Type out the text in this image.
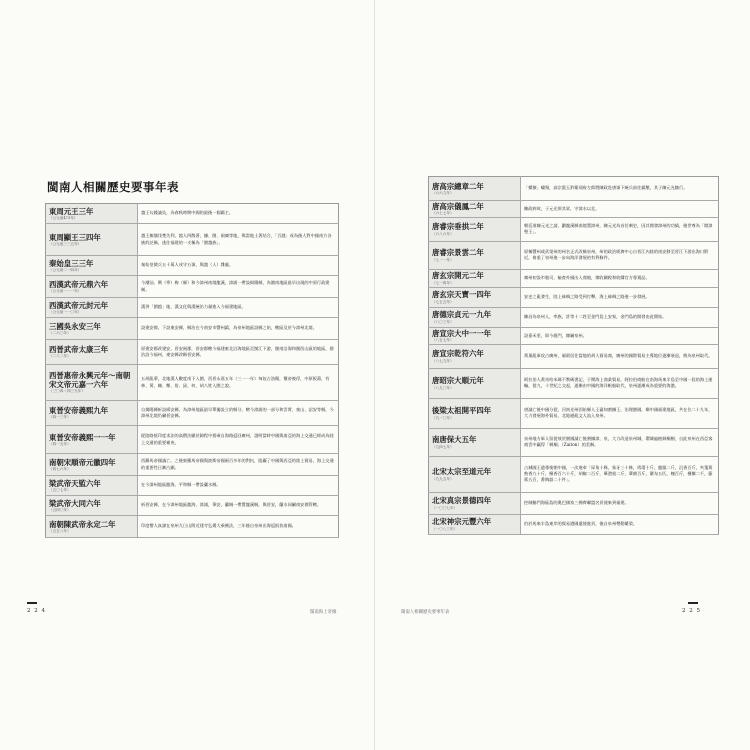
閩南人相關歷史要事年表
東周元王三年
（公元前473年）	越王勾踐滅吳，為春秋時期中國的最後一個霸主。

東周顯王三四年
（公元前三三五年）	越王無彊伐楚失利，越人四散著，據、閩、兩廣等地，與當地土著結合，「百越」成為後人對中國南方各族的泛稱，逃往福建的一支稱為「閩越族」。

秦始皇三三年
（公元前二一四年）	秦始皇徵兵五十萬人戍守五嶺，與越（人）雜處。

西漢武帝元鼎六年
（公元前一一一年）	今潮汕、興（寧）梅（縣）和今漳州南境龍溪，漳浦一帶設揭陽縣，為閩南地區最早出現的中原行政建制。

西漢武帝元封元年
（公元前一一〇年）	漢併「閩越」地，漢文化與漢統治力量進入今福建地區。

三國吳永安三年
（二六〇年）	設建安郡，下設東安縣，縣治在今南安市豐州鎮，為泉州地區設縣之始，轄區及於今漳州北境。

西晉武帝太康三年
（二八二年）	原建安郡改建安，晉安兩郡，晉安郡轄今福建東北沿海地區至閩江下游，閩南沿海和閩西山區的地區，郡治設今福州，東安縣改稱晉安縣。

西晉惠帝永興元年～南朝宋文帝元嘉一六年
（三〇四～四三九年）	五胡亂華，北地漢人數度南下入閩，西晉永嘉五年（三一一年）匈奴占洛陽，懷帝被俘，中原板蕩，有林、黃、陳、鄭、詹、邱、何、胡八姓入閩之說。

東晉安帝義熙九年
（四一三年）	自揭陽縣析設綏安縣，為漳州地區最早單獨設立的縣分，轄今漳浦的一部分和雲霄、東山、詔安等縣，今漳州北境仍屬晉安縣。

東晉安帝義熙一一年
（四一五年）	從陸路抵印度求法的高僧法顯於歸程中搭乘自海路返回廣州，證明當時中國與南亞的海上交通已經成為陸上交通的重要補充。

南朝宋順帝元徽四年
（四七六年）	西羅馬帝國滅亡。之後東羅馬帝國與波斯帝國兩百多年的對抗，阻礙了中國與西亞的陸上貿易，海上交通的重要性日漸凸顯。

梁武帝天監六年
（五〇七年）	在今漳州地區龍海，平和縣一帶設蘭水縣。

梁武帝大同六年
（五四〇年）	析晉安縣，在今漳州地區龍海，漳浦，華安，蘭城一帶置龍溪縣，與晉安，蘭水同屬南安郡管轄。

南朝陳武帝永定二年
（五五八年）	印度僧人真諦在泉州九日山附近建寺弘揚大乘佛法，三年後自泉州出海返抵扶南國。
2 2 4	閩南海上奇緣
唐高宗總章二年
（六六九年）	「蠻獠」嘯聚，高宗派玉鈐衛翊府左郎將陳政赴唐嶺下統兵前往鎮壓，其子陳元光隨行。

唐高宗儀鳳二年
（六七七年）	陳政病故，子元光領其眾，守漳水以北。

唐睿宗垂拱二年
（六八六年）	朝廷准陳元光之請，劃龍溪縣南境置漳州，陳元光為首任刺史，因其開發漳州的功績，後世尊為「開漳聖王」。

唐睿宗景雲二年
（七一一年）	原稱豐州或武榮州的州名正式改稱泉州，州的政治經濟中心自晉江內陸的南安移至晉江下游出海口附近，倚重了泉州進一步向海洋發展的有利條件。

唐玄宗開元二年
（七一四年）	廣州初設市舶司，檢查外國出入商舶，徵收關稅和收購官方專賣品。

唐玄宗天寶一四年
（七五五年）	安史之亂發生，陸上絲綢之路受到打擊，海上絲綢之路進一步發展。

唐德宗貞元一九年
（八〇三年）	陳昌為泉州人，率族，許等十二姓至金門島上安家，金門島的開發由此開始。

唐宣宗大中一一年
（八五七年）	設嘉禾里，即今廈門，隸屬泉州。

唐宣宗乾符六年
（八七九年）	黃巢亂軍攻占廣州，屠殺居住當地的胡人貿易商，廣州的國際貿易主導地位逐漸衰退，換為泉州取代。

唐昭宗大順元年
（八九〇年）	阿拉伯人黃奇哈米瑪不教碼書記，于鬧海上商業貿易，阿拉伯商船在南海馬來半島至中國一段的海上運輸，從九，十世紀之交起，逐漸由中國的海洋帆船取代，泉州逐漸成為重要的海港。

後梁太祖開平四年
（九一〇年）	唐滅亡後中國分裂，河南光州固始縣人王審知割據王，治理閩國，鄰中國福建地區，共在位二十九年，大力發展海外貿易，北地避亂文人流入泉州。

南唐保大五年
（九四七年）	泉州地方軍人留從效於閩國滅亡後割據漳，泉，大力改造泉州城，環城遍植刺桐樹，自此泉州在西亞客商雲中贏得「刺桐」（Zaiton）的美稱。

北宋太宗至道元年
（九九五年）	占城國王遣專使朝中國，一次進奉「犀角十株，象牙三十株，玳瑁十斤，龍腦二斤，沉香百斤，夾箋黃熟香九十斤，檀香百六十斤，胡椒二百斤，蓽澄茄二斤，蕈菌百斤，繁布五匹，槐百斤，檳榔二千，藤蓆五百，番陶器二十件」。

北宋真宗景德四年
（一〇〇七年）	控制錫門海區島的奧巴國家三佛齊聯盟名貢使來到福建。

北宋神宗元豐六年
（一〇八三年）	伯於馬來半島東岸的貿易港國遣使進貢，後自泉州帶動繁榮。
閩南人相關歷史要事年表	2 2 5
